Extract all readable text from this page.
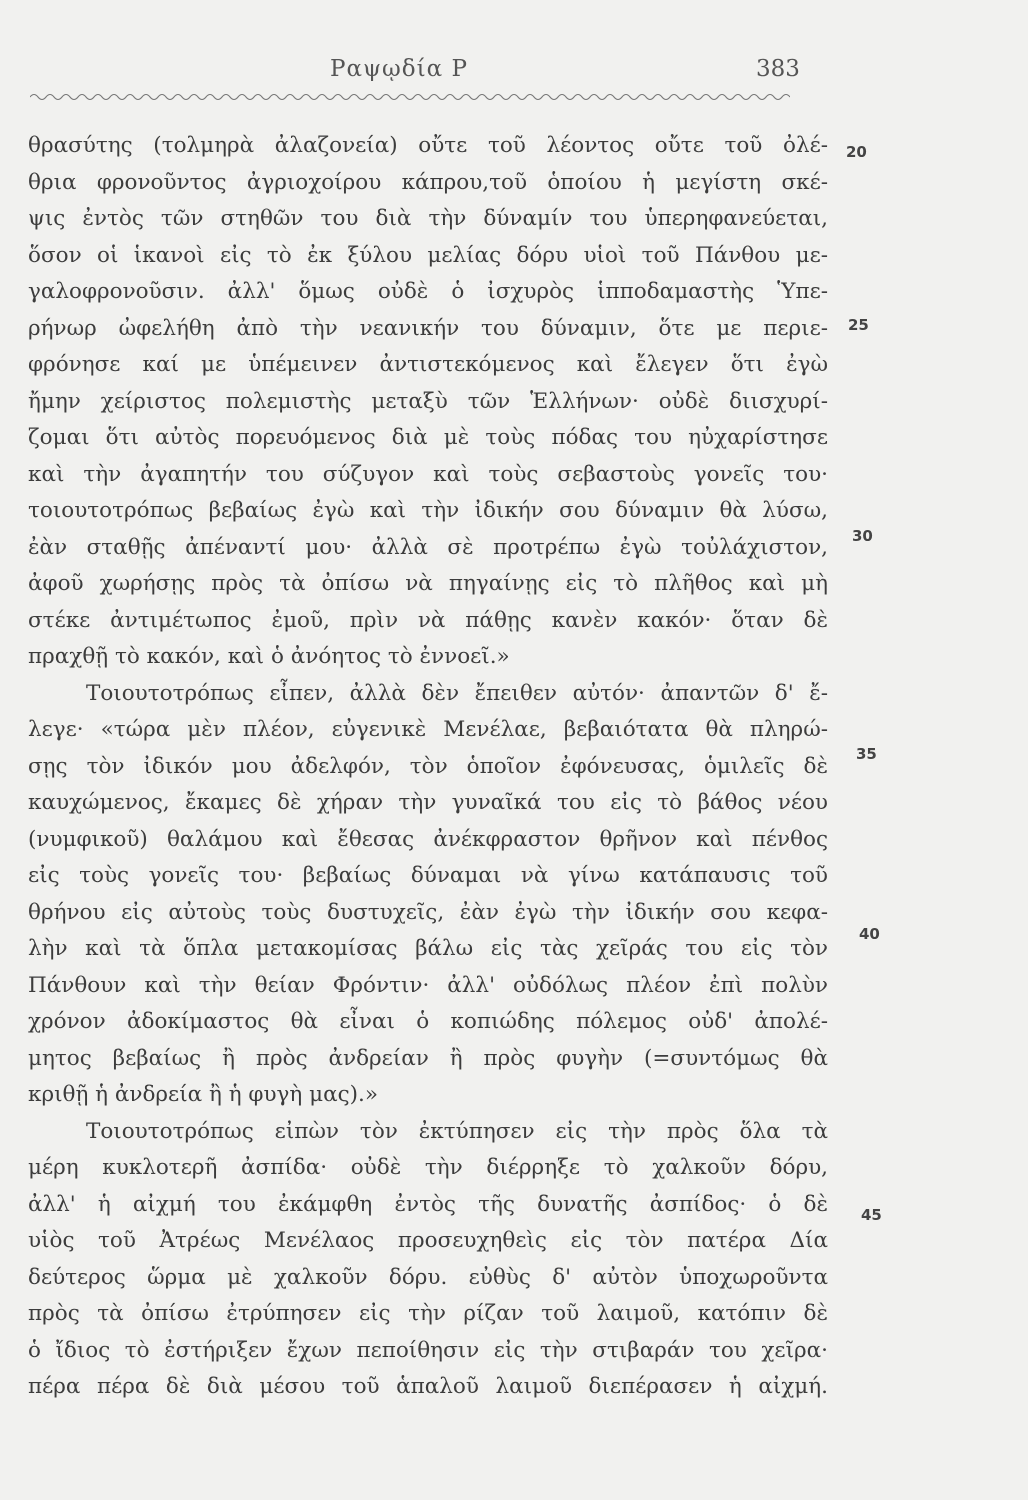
Ραψῳδία Ρ	383
θρασύτης (τολμηρὰ ἀλαζονεία) οὔτε τοῦ λέοντος οὔτε τοῦ ὀλέ-
θρια φρονοῦντος ἀγριοχοίρου κάπρου,τοῦ ὁποίου ἡ μεγίστη σκέ-
ψις ἐντὸς τῶν στηθῶν του διὰ τὴν δύναμίν του ὑπερηφανεύεται,
ὅσον οἱ ἱκανοὶ εἰς τὸ ἐκ ξύλου μελίας δόρυ υἱοὶ τοῦ Πάνθου με-
γαλοφρονοῦσιν. ἀλλ' ὅμως οὐδὲ ὁ ἰσχυρὸς ἱπποδαμαστὴς Ὑπε-
ρήνωρ ὠφελήθη ἀπὸ τὴν νεανικήν του δύναμιν, ὅτε με περιε-
φρόνησε καί με ὑπέμεινεν ἀντιστεκόμενος καὶ ἔλεγεν ὅτι ἐγὼ
ἤμην χείριστος πολεμιστὴς μεταξὺ τῶν Ἑλλήνων· οὐδὲ διισχυρί-
ζομαι ὅτι αὐτὸς πορευόμενος διὰ μὲ τοὺς πόδας του ηὐχαρίστησε
καὶ τὴν ἀγαπητήν του σύζυγον καὶ τοὺς σεβαστοὺς γονεῖς του·
τοιουτοτρόπως βεβαίως ἐγὼ καὶ τὴν ἰδικήν σου δύναμιν θὰ λύσω,
ἐὰν σταθῇς ἀπέναντί μου· ἀλλὰ σὲ προτρέπω ἐγὼ τοὐλάχιστον,
ἀφοῦ χωρήσῃς πρὸς τὰ ὀπίσω νὰ πηγαίνῃς εἰς τὸ πλῆθος καὶ μὴ
στέκε ἀντιμέτωπος ἐμοῦ, πρὶν νὰ πάθῃς κανὲν κακόν· ὅταν δὲ
πραχθῇ τὸ κακόν, καὶ ὁ ἀνόητος τὸ ἐννοεῖ.»
Τοιουτοτρόπως εἶπεν, ἀλλὰ δὲν ἔπειθεν αὐτόν· ἀπαντῶν δ' ἔ-
λεγε· «τώρα μὲν πλέον, εὐγενικὲ Μενέλαε, βεβαιότατα θὰ πληρώ-
σῃς τὸν ἰδικόν μου ἀδελφόν, τὸν ὁποῖον ἐφόνευσας, ὁμιλεῖς δὲ
καυχώμενος, ἔκαμες δὲ χήραν τὴν γυναῖκά του εἰς τὸ βάθος νέου
(νυμφικοῦ) θαλάμου καὶ ἔθεσας ἀνέκφραστον θρῆνον καὶ πένθος
εἰς τοὺς γονεῖς του· βεβαίως δύναμαι νὰ γίνω κατάπαυσις τοῦ
θρήνου εἰς αὐτοὺς τοὺς δυστυχεῖς, ἐὰν ἐγὼ τὴν ἰδικήν σου κεφα-
λὴν καὶ τὰ ὅπλα μετακομίσας βάλω εἰς τὰς χεῖράς του εἰς τὸν
Πάνθουν καὶ τὴν θείαν Φρόντιν· ἀλλ' οὐδόλως πλέον ἐπὶ πολὺν
χρόνον ἀδοκίμαστος θὰ εἶναι ὁ κοπιώδης πόλεμος οὐδ' ἀπολέ-
μητος βεβαίως ἢ πρὸς ἀνδρείαν ἢ πρὸς φυγὴν (=συντόμως θὰ
κριθῇ ἡ ἀνδρεία ἢ ἡ φυγὴ μας).»
Τοιουτοτρόπως εἰπὼν τὸν ἐκτύπησεν εἰς τὴν πρὸς ὅλα τὰ
μέρη κυκλοτερῆ ἀσπίδα· οὐδὲ τὴν διέρρηξε τὸ χαλκοῦν δόρυ,
ἀλλ' ἡ αἰχμή του ἐκάμφθη ἐντὸς τῆς δυνατῆς ἀσπίδος· ὁ δὲ
υἱὸς τοῦ Ἀτρέως Μενέλαος προσευχηθεὶς εἰς τὸν πατέρα Δία
δεύτερος ὥρμα μὲ χαλκοῦν δόρυ. εὐθὺς δ' αὐτὸν ὑποχωροῦντα
πρὸς τὰ ὀπίσω ἐτρύπησεν εἰς τὴν ρίζαν τοῦ λαιμοῦ, κατόπιν δὲ
ὁ ἴδιος τὸ ἐστήριξεν ἔχων πεποίθησιν εἰς τὴν στιβαράν του χεῖρα·
πέρα πέρα δὲ διὰ μέσου τοῦ ἁπαλοῦ λαιμοῦ διεπέρασεν ἡ αἰχμή.
20
25
30
35
40
45
